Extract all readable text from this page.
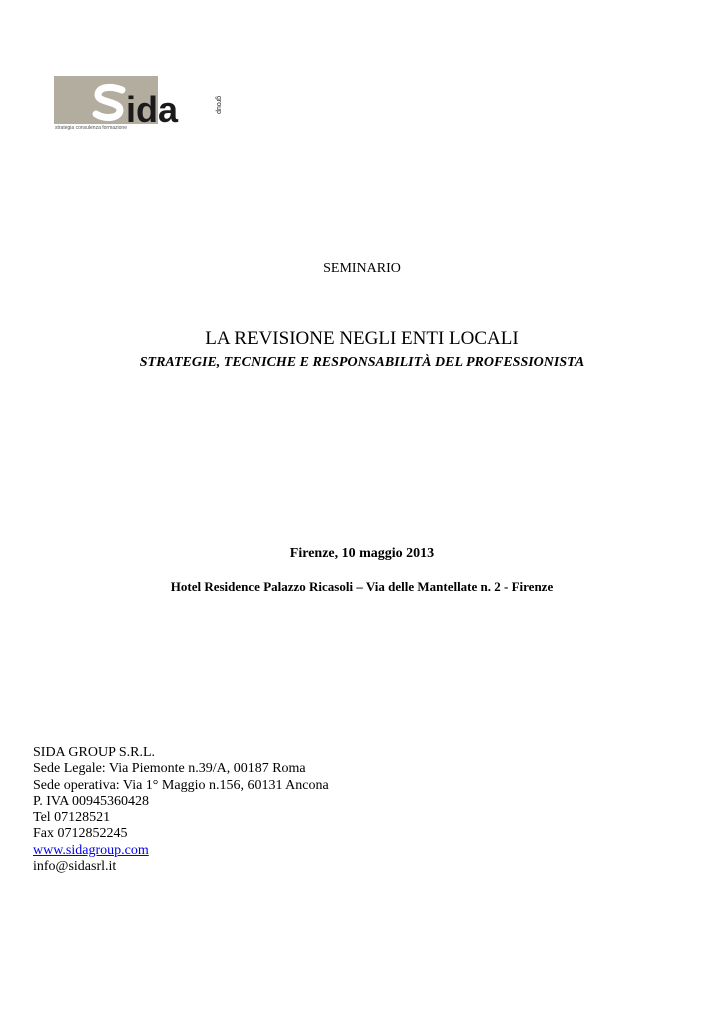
ida	group
strategia consulenza formazione
SEMINARIO
LA REVISIONE NEGLI ENTI LOCALI
STRATEGIE, TECNICHE E RESPONSABILITÀ DEL PROFESSIONISTA
Firenze, 10 maggio 2013
Hotel Residence Palazzo Ricasoli – Via delle Mantellate n. 2 - Firenze
SIDA GROUP S.R.L.
Sede Legale: Via Piemonte n.39/A, 00187 Roma
Sede operativa: Via 1° Maggio n.156, 60131 Ancona
P. IVA 00945360428
Tel 07128521
Fax 0712852245
www.sidagroup.com
info@sidasrl.it
